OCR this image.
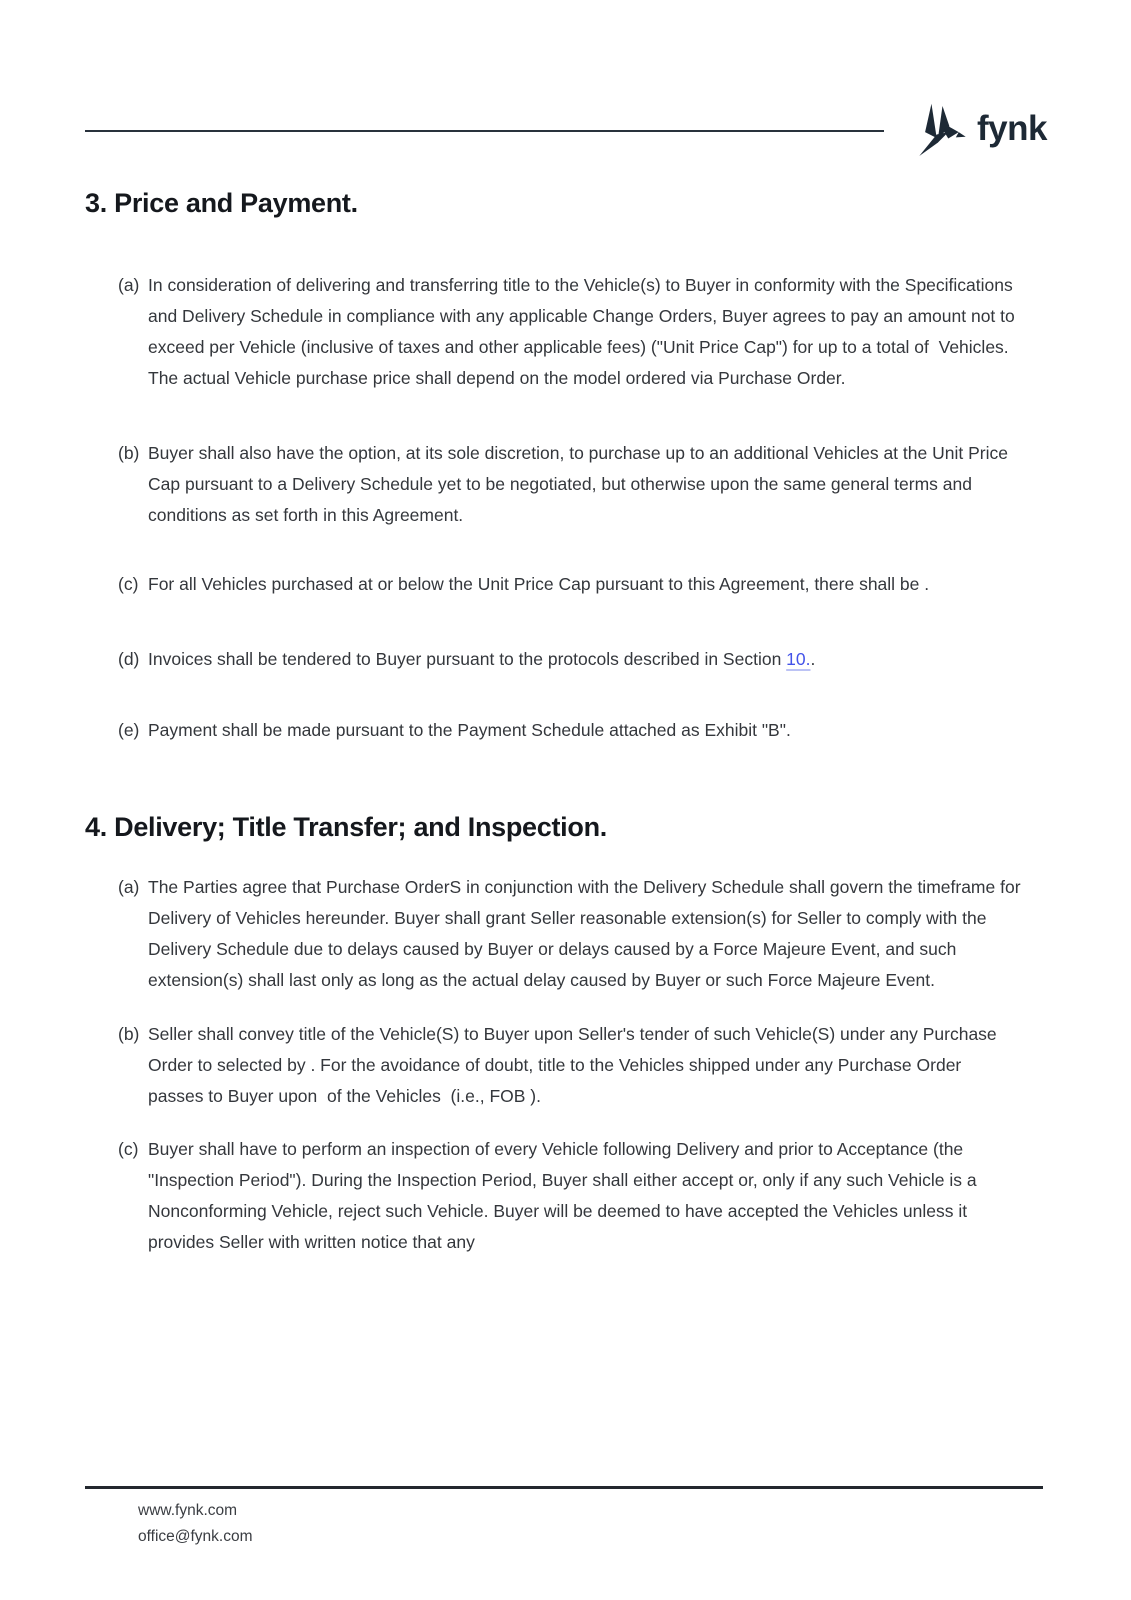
fynk
3. Price and Payment.
(a) In consideration of delivering and transferring title to the Vehicle(s) to Buyer in conformity with the Specifications and Delivery Schedule in compliance with any applicable Change Orders, Buyer agrees to pay an amount not to exceed per Vehicle (inclusive of taxes and other applicable fees) ("Unit Price Cap") for up to a total of  Vehicles. The actual Vehicle purchase price shall depend on the model ordered via Purchase Order.
(b) Buyer shall also have the option, at its sole discretion, to purchase up to an additional Vehicles at the Unit Price Cap pursuant to a Delivery Schedule yet to be negotiated, but otherwise upon the same general terms and conditions as set forth in this Agreement.
(c) For all Vehicles purchased at or below the Unit Price Cap pursuant to this Agreement, there shall be .
(d) Invoices shall be tendered to Buyer pursuant to the protocols described in Section 10..
(e) Payment shall be made pursuant to the Payment Schedule attached as Exhibit "B".
4. Delivery; Title Transfer; and Inspection.
(a) The Parties agree that Purchase OrderS in conjunction with the Delivery Schedule shall govern the timeframe for Delivery of Vehicles hereunder. Buyer shall grant Seller reasonable extension(s) for Seller to comply with the Delivery Schedule due to delays caused by Buyer or delays caused by a Force Majeure Event, and such extension(s) shall last only as long as the actual delay caused by Buyer or such Force Majeure Event.
(b) Seller shall convey title of the Vehicle(S) to Buyer upon Seller's tender of such Vehicle(S) under any Purchase Order to selected by . For the avoidance of doubt, title to the Vehicles shipped under any Purchase Order passes to Buyer upon  of the Vehicles  (i.e., FOB ).
(c) Buyer shall have to perform an inspection of every Vehicle following Delivery and prior to Acceptance (the "Inspection Period"). During the Inspection Period, Buyer shall either accept or, only if any such Vehicle is a Nonconforming Vehicle, reject such Vehicle. Buyer will be deemed to have accepted the Vehicles unless it provides Seller with written notice that any
www.fynk.com
office@fynk.com
